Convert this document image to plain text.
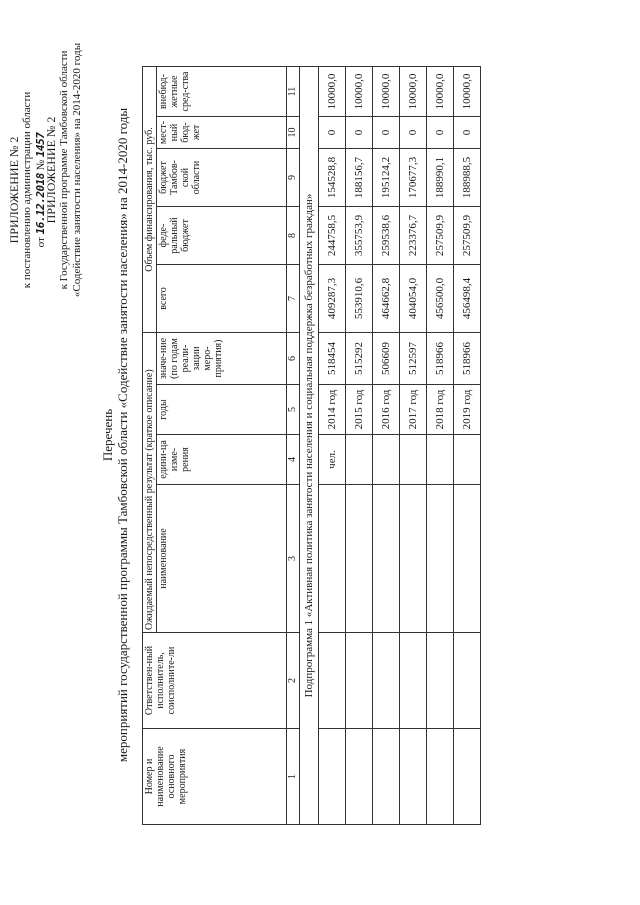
ПРИЛОЖЕНИЕ № 2 к постановлению администрации области от 16.12.2018 № 1457
ПРИЛОЖЕНИЕ № 2 к Государственной программе Тамбовской области «Содействие занятости населения» на 2014-2020 годы
Перечень мероприятий государственной программы Тамбовской области «Содействие занятости населения» на 2014-2020 годы
Номер и наименование основного мероприятия	Ответствен-ный исполнитель, соисполните-ли	Ожидаемый непосредственный результат (краткое описание)				Объем финансирования, тыс. руб.				
		наименование	едини-ца изме-рения	годы	значе-ние (по годам реали-зации меро-приятия)	всего	феде-ральный бюджет	бюджет Тамбов-ской области	мест-ный бюд-жет	внебюд-жетные сред-ства
1	2	3	4	5	6	7	8	9	10	11
Подпрограмма 1 «Активная политика занятости населения и социальная поддержка безработных граждан»										
			чел.	2014 год	518454	409287,3	244758,5	154528,8	0	10000,0
				2015 год	515292	553910,6	355753,9	188156,7	0	10000,0
				2016 год	506609	464662,8	259538,6	195124,2	0	10000,0
				2017 год	512597	404054,0	223376,7	170677,3	0	10000,0
				2018 год	518966	456500,0	257509,9	188990,1	0	10000,0
				2019 год	518966	456498,4	257509,9	188988,5	0	10000,0
